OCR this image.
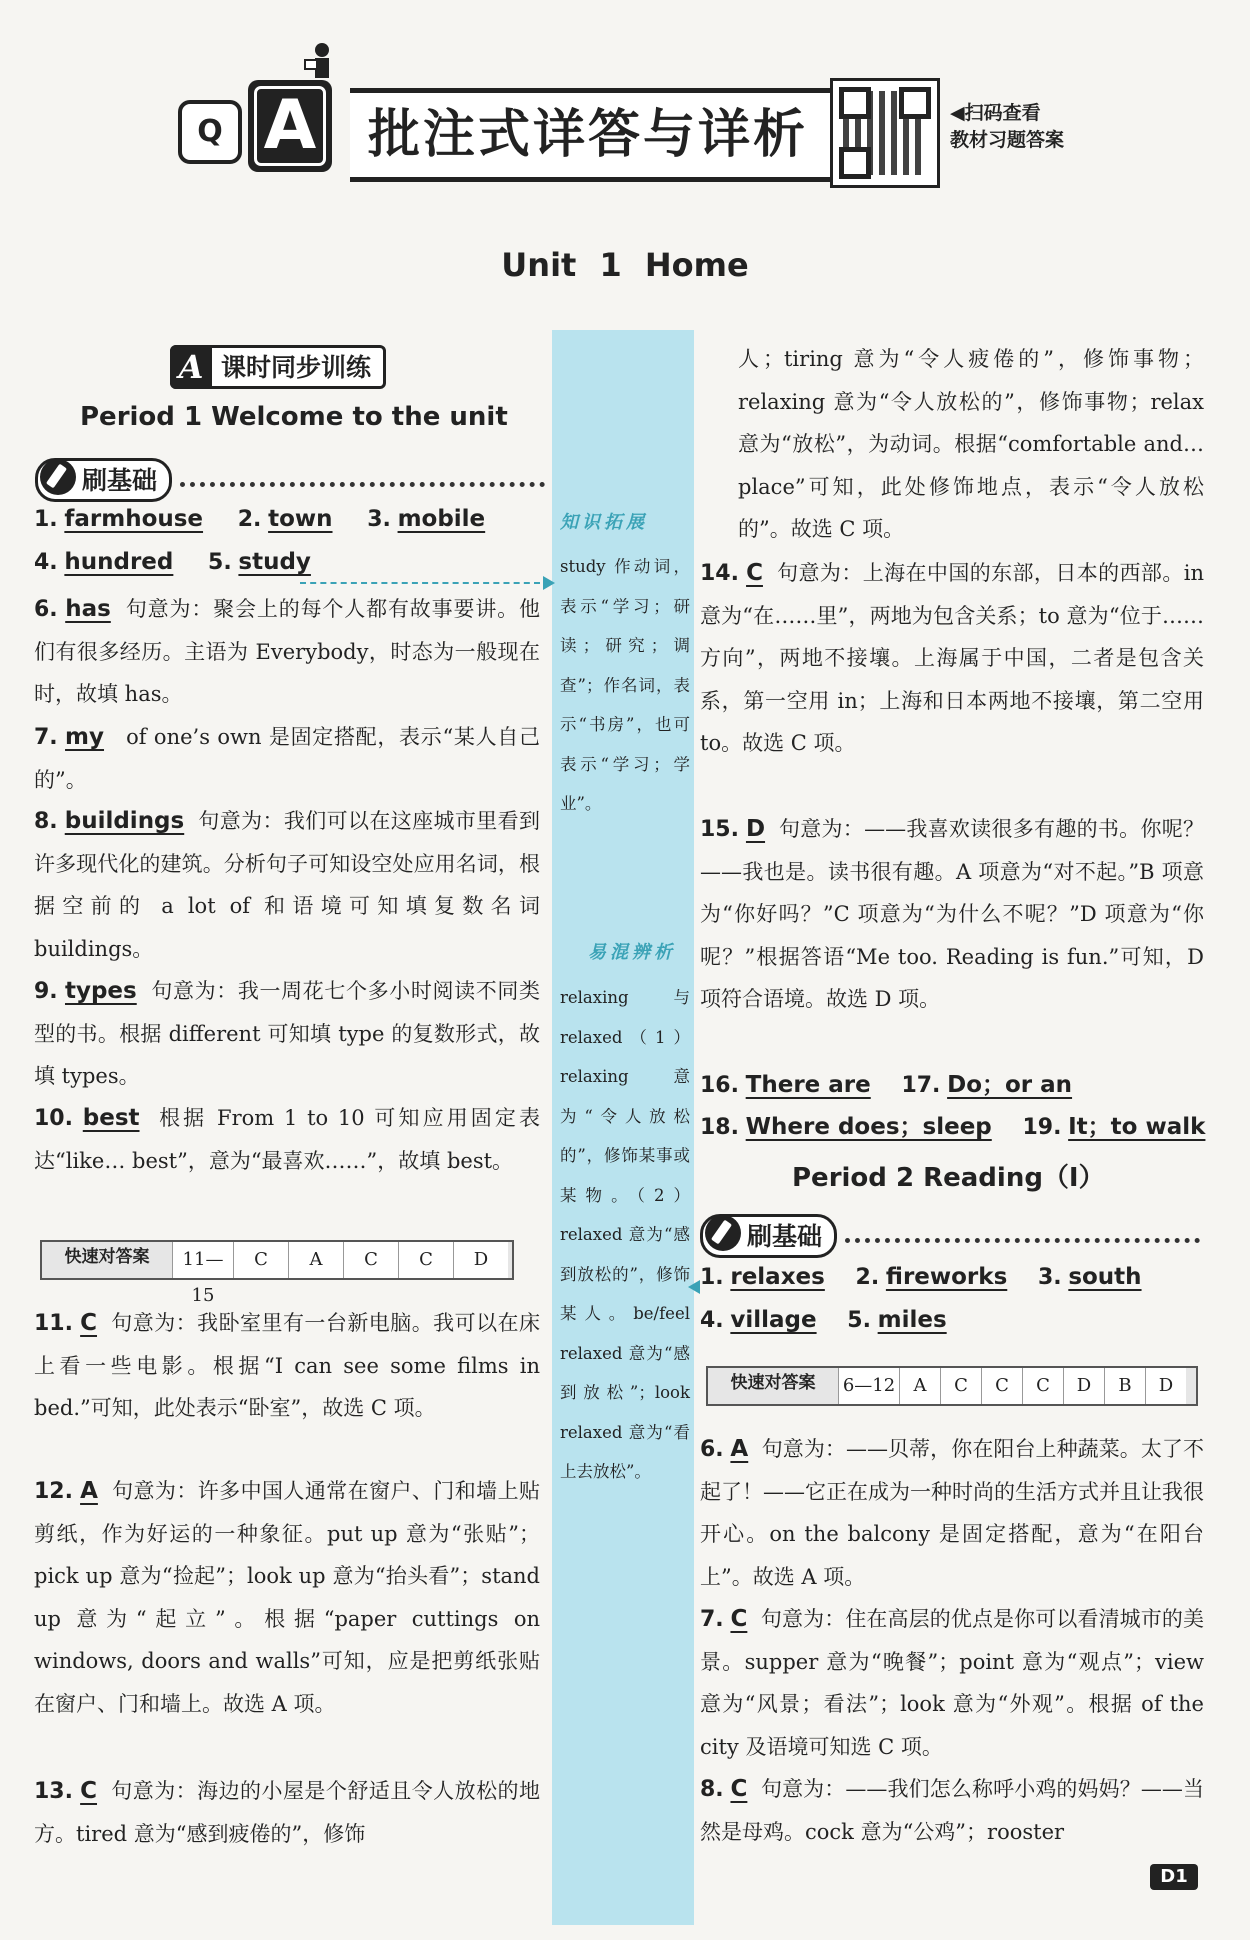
Q A 批注式详答与详析	◀扫码查看
教材习题答案
Unit 1 Home
知识拓展
study 作动词，表示“学习；研读；研究；调查”；作名词，表示“书房”，也可表示“学习；学业”。
易混辨析
relaxing 与 relaxed（1）relaxing 意为“令人放松的”，修饰某事或某物。（2）relaxed 意为“感到放松的”，修饰某人。be/feel relaxed 意为“感到放松”；look relaxed 意为“看上去放松”。
A 课时同步训练
Period 1 Welcome to the unit
刷基础
1. farmhouse 2. town 3. mobile
4. hundred 5. study
6. has 句意为：聚会上的每个人都有故事要讲。他们有很多经历。主语为 Everybody，时态为一般现在时，故填 has。
7. my of one’s own 是固定搭配，表示“某人自己的”。
8. buildings 句意为：我们可以在这座城市里看到许多现代化的建筑。分析句子可知设空处应用名词，根据空前的 a lot of 和语境可知填复数名词 buildings。
9. types 句意为：我一周花七个多小时阅读不同类型的书。根据 different 可知填 type 的复数形式，故填 types。
10. best 根据 From 1 to 10 可知应用固定表达“like… best”，意为“最喜欢……”，故填 best。
快速对答案	11—15
C	A	C	C	D
11. C 句意为：我卧室里有一台新电脑。我可以在床上看一些电影。根据“I can see some films in bed.”可知，此处表示“卧室”，故选 C 项。
12. A 句意为：许多中国人通常在窗户、门和墙上贴剪纸，作为好运的一种象征。put up 意为“张贴”；pick up 意为“捡起”；look up 意为“抬头看”；stand up 意为“起立”。根据“paper cuttings on windows, doors and walls”可知，应是把剪纸张贴在窗户、门和墙上。故选 A 项。
13. C 句意为：海边的小屋是个舒适且令人放松的地方。tired 意为“感到疲倦的”，修饰
人；tiring 意为“令人疲倦的”，修饰事物；relaxing 意为“令人放松的”，修饰事物；relax 意为“放松”，为动词。根据“comfortable and… place”可知，此处修饰地点，表示“令人放松的”。故选 C 项。
14. C 句意为：上海在中国的东部，日本的西部。in 意为“在……里”，两地为包含关系；to 意为“位于……方向”，两地不接壤。上海属于中国，二者是包含关系，第一空用 in；上海和日本两地不接壤，第二空用 to。故选 C 项。
15. D 句意为：——我喜欢读很多有趣的书。你呢？——我也是。读书很有趣。A 项意为“对不起。”B 项意为“你好吗？”C 项意为“为什么不呢？”D 项意为“你呢？”根据答语“Me too. Reading is fun.”可知，D 项符合语境。故选 D 项。
16. There are 17. Do；or an
18. Where does；sleep 19. It；to walk
Period 2 Reading（Ⅰ）
刷基础
1. relaxes 2. fireworks 3. south
4. village 5. miles
快速对答案	6—12	A	C	C	C	D	B	D
6. A 句意为：——贝蒂，你在阳台上种蔬菜。太了不起了！——它正在成为一种时尚的生活方式并且让我很开心。on the balcony 是固定搭配，意为“在阳台上”。故选 A 项。
7. C 句意为：住在高层的优点是你可以看清城市的美景。supper 意为“晚餐”；point 意为“观点”；view 意为“风景；看法”；look 意为“外观”。根据 of the city 及语境可知选 C 项。
8. C 句意为：——我们怎么称呼小鸡的妈妈？——当然是母鸡。cock 意为“公鸡”；rooster
D1
